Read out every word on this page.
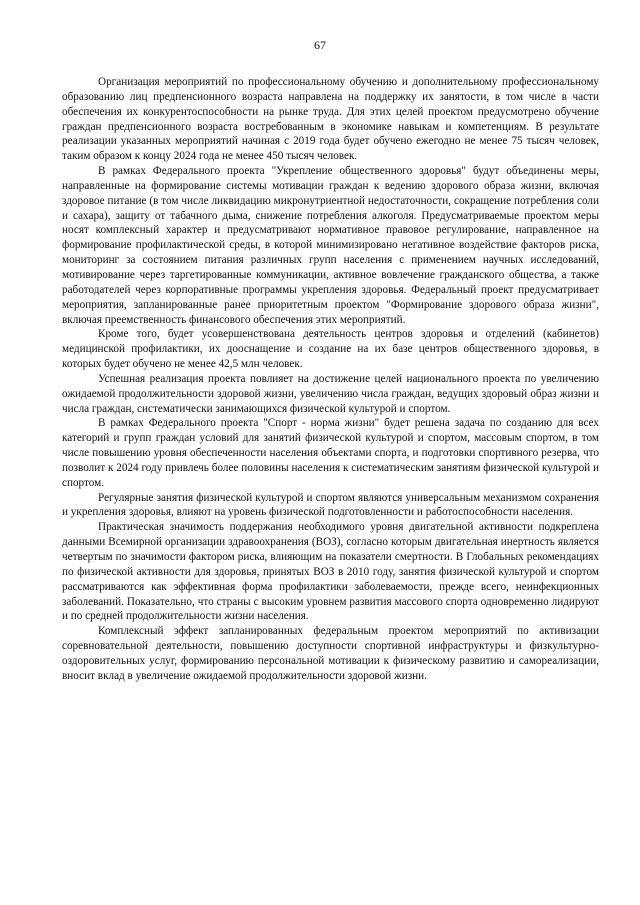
67

Организация мероприятий по профессиональному обучению и дополнительному профессиональному образованию лиц предпенсионного возраста направлена на поддержку их занятости, в том числе в части обеспечения их конкурентоспособности на рынке труда. Для этих целей проектом предусмотрено обучение граждан предпенсионного возраста востребованным в экономике навыкам и компетенциям. В результате реализации указанных мероприятий начиная с 2019 года будет обучено ежегодно не менее 75 тысяч человек, таким образом к концу 2024 года не менее 450 тысяч человек.

В рамках Федерального проекта "Укрепление общественного здоровья" будут объединены меры, направленные на формирование системы мотивации граждан к ведению здорового образа жизни, включая здоровое питание (в том числе ликвидацию микронутриентной недостаточности, сокращение потребления соли и сахара), защиту от табачного дыма, снижение потребления алкоголя. Предусматриваемые проектом меры носят комплексный характер и предусматривают нормативное правовое регулирование, направленное на формирование профилактической среды, в которой минимизировано негативное воздействие факторов риска, мониторинг за состоянием питания различных групп населения с применением научных исследований, мотивирование через таргетированные коммуникации, активное вовлечение гражданского общества, а также работодателей через корпоративные программы укрепления здоровья. Федеральный проект предусматривает мероприятия, запланированные ранее приоритетным проектом "Формирование здорового образа жизни", включая преемственность финансового обеспечения этих мероприятий.

Кроме того, будет усовершенствована деятельность центров здоровья и отделений (кабинетов) медицинской профилактики, их дооснащение и создание на их базе центров общественного здоровья, в которых будет обучено не менее 42,5 млн человек.

Успешная реализация проекта повлияет на достижение целей национального проекта по увеличению ожидаемой продолжительности здоровой жизни, увеличению числа граждан, ведущих здоровый образ жизни и числа граждан, систематически занимающихся физической культурой и спортом.

В рамках Федерального проекта "Спорт - норма жизни" будет решена задача по созданию для всех категорий и групп граждан условий для занятий физической культурой и спортом, массовым спортом, в том числе повышению уровня обеспеченности населения объектами спорта, и подготовки спортивного резерва, что позволит к 2024 году привлечь более половины населения к систематическим занятиям физической культурой и спортом.

Регулярные занятия физической культурой и спортом являются универсальным механизмом сохранения и укрепления здоровья, влияют на уровень физической подготовленности и работоспособности населения.

Практическая значимость поддержания необходимого уровня двигательной активности подкреплена данными Всемирной организации здравоохранения (ВОЗ), согласно которым двигательная инертность является четвертым по значимости фактором риска, влияющим на показатели смертности. В Глобальных рекомендациях по физической активности для здоровья, принятых ВОЗ в 2010 году, занятия физической культурой и спортом рассматриваются как эффективная форма профилактики заболеваемости, прежде всего, неинфекционных заболеваний. Показательно, что страны с высоким уровнем развития массового спорта одновременно лидируют и по средней продолжительности жизни населения.

Комплексный эффект запланированных федеральным проектом мероприятий по активизации соревновательной деятельности, повышению доступности спортивной инфраструктуры и физкультурно-оздоровительных услуг, формированию персональной мотивации к физическому развитию и самореализации, вносит вклад в увеличение ожидаемой продолжительности здоровой жизни.
